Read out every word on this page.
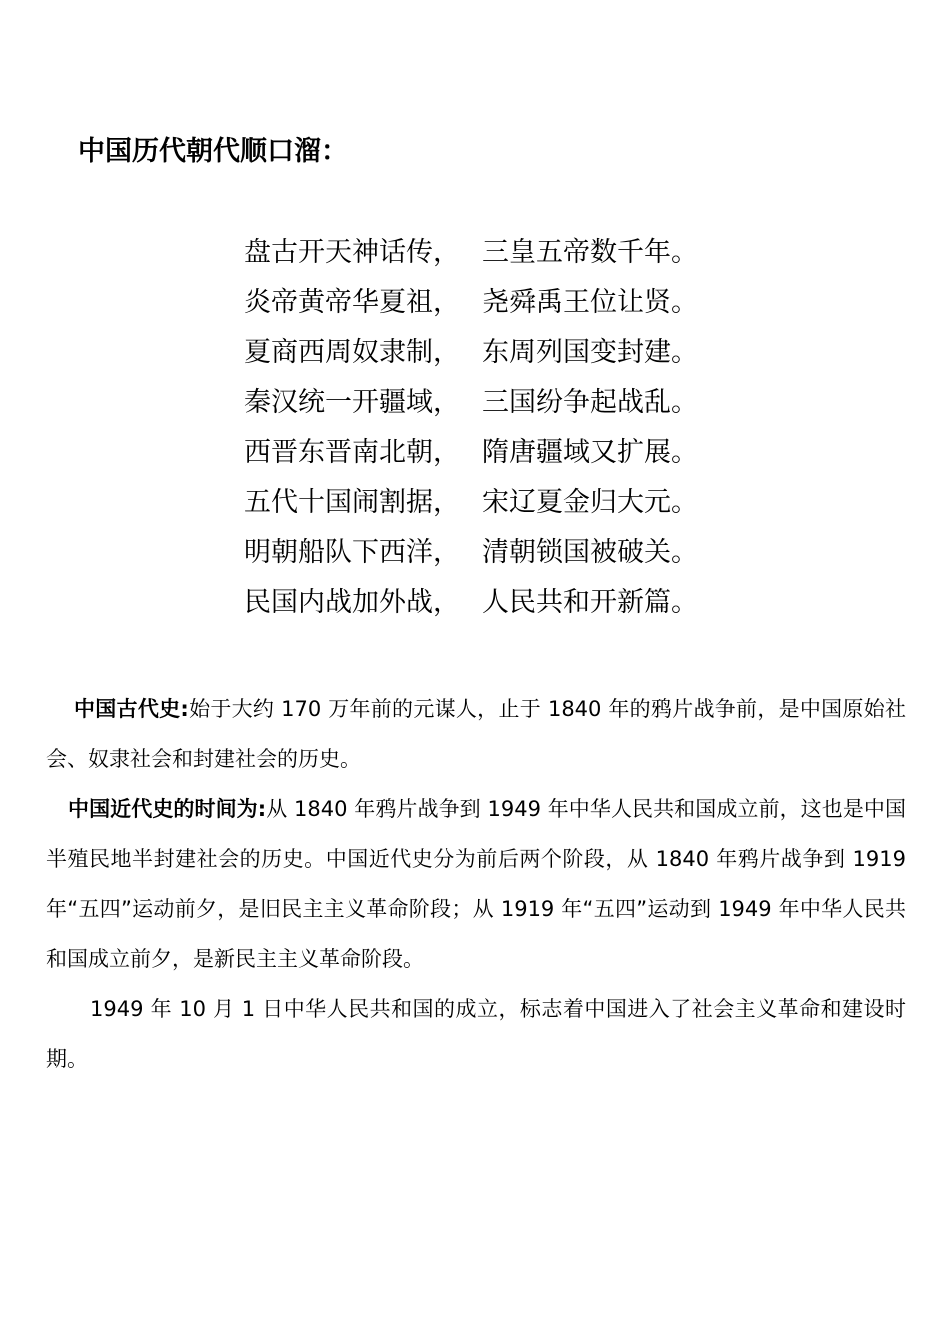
中国历代朝代顺口溜：
盘古开天神话传， 三皇五帝数千年。
炎帝黄帝华夏祖， 尧舜禹王位让贤。
夏商西周奴隶制， 东周列国变封建。
秦汉统一开疆域， 三国纷争起战乱。
西晋东晋南北朝， 隋唐疆域又扩展。
五代十国闹割据， 宋辽夏金归大元。
明朝船队下西洋， 清朝锁国被破关。
民国内战加外战， 人民共和开新篇。

中国古代史:始于大约 170 万年前的元谋人，止于 1840 年的鸦片战争前，是中国原始社会、奴隶社会和封建社会的历史。

中国近代史的时间为:从 1840 年鸦片战争到 1949 年中华人民共和国成立前，这也是中国半殖民地半封建社会的历史。中国近代史分为前后两个阶段，从 1840 年鸦片战争到 1919 年“五四”运动前夕，是旧民主主义革命阶段；从 1919 年“五四”运动到 1949 年中华人民共和国成立前夕，是新民主主义革命阶段。

1949 年 10 月 1 日中华人民共和国的成立，标志着中国进入了社会主义革命和建设时期。
